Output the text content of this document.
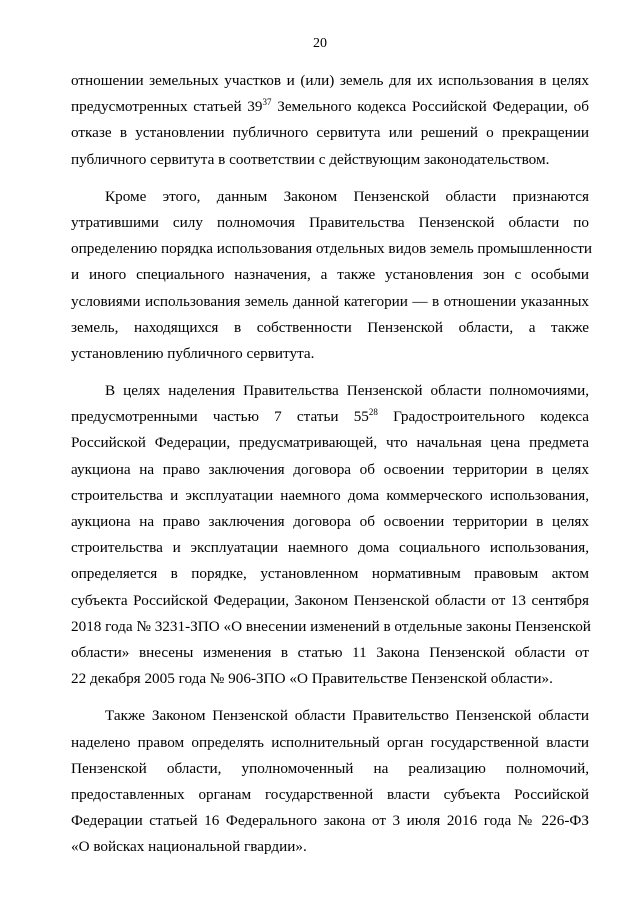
20
отношении земельных участков и (или) земель для их использования в целях
предусмотренных статьей $39^{37}$ Земельного кодекса Российской Федерации, об
отказе в установлении публичного сервитута или решений о прекращении
публичного сервитута в соответствии с действующим законодательством.
Кроме этого, данным Законом Пензенской области признаются
утратившими силу полномочия Правительства Пензенской области по
определению порядка использования отдельных видов земель промышленности
и иного специального назначения, а также установления зон с особыми
условиями использования земель данной категории — в отношении указанных
земель, находящихся в собственности Пензенской области, а также
установлению публичного сервитута.
В целях наделения Правительства Пензенской области полномочиями,
предусмотренными частью 7 статьи $55^{28}$ Градостроительного кодекса
Российской Федерации, предусматривающей, что начальная цена предмета
аукциона на право заключения договора об освоении территории в целях
строительства и эксплуатации наемного дома коммерческого использования,
аукциона на право заключения договора об освоении территории в целях
строительства и эксплуатации наемного дома социального использования,
определяется в порядке, установленном нормативным правовым актом
субъекта Российской Федерации, Законом Пензенской области от 13 сентября
2018 года № 3231-ЗПО «О внесении изменений в отдельные законы Пензенской
области» внесены изменения в статью 11 Закона Пензенской области от
22 декабря 2005 года № 906-ЗПО «О Правительстве Пензенской области».
Также Законом Пензенской области Правительство Пензенской области
наделено правом определять исполнительный орган государственной власти
Пензенской области, уполномоченный на реализацию полномочий,
предоставленных органам государственной власти субъекта Российской
Федерации статьей 16 Федерального закона от 3 июля 2016 года № 226-ФЗ
«О войсках национальной гвардии».
